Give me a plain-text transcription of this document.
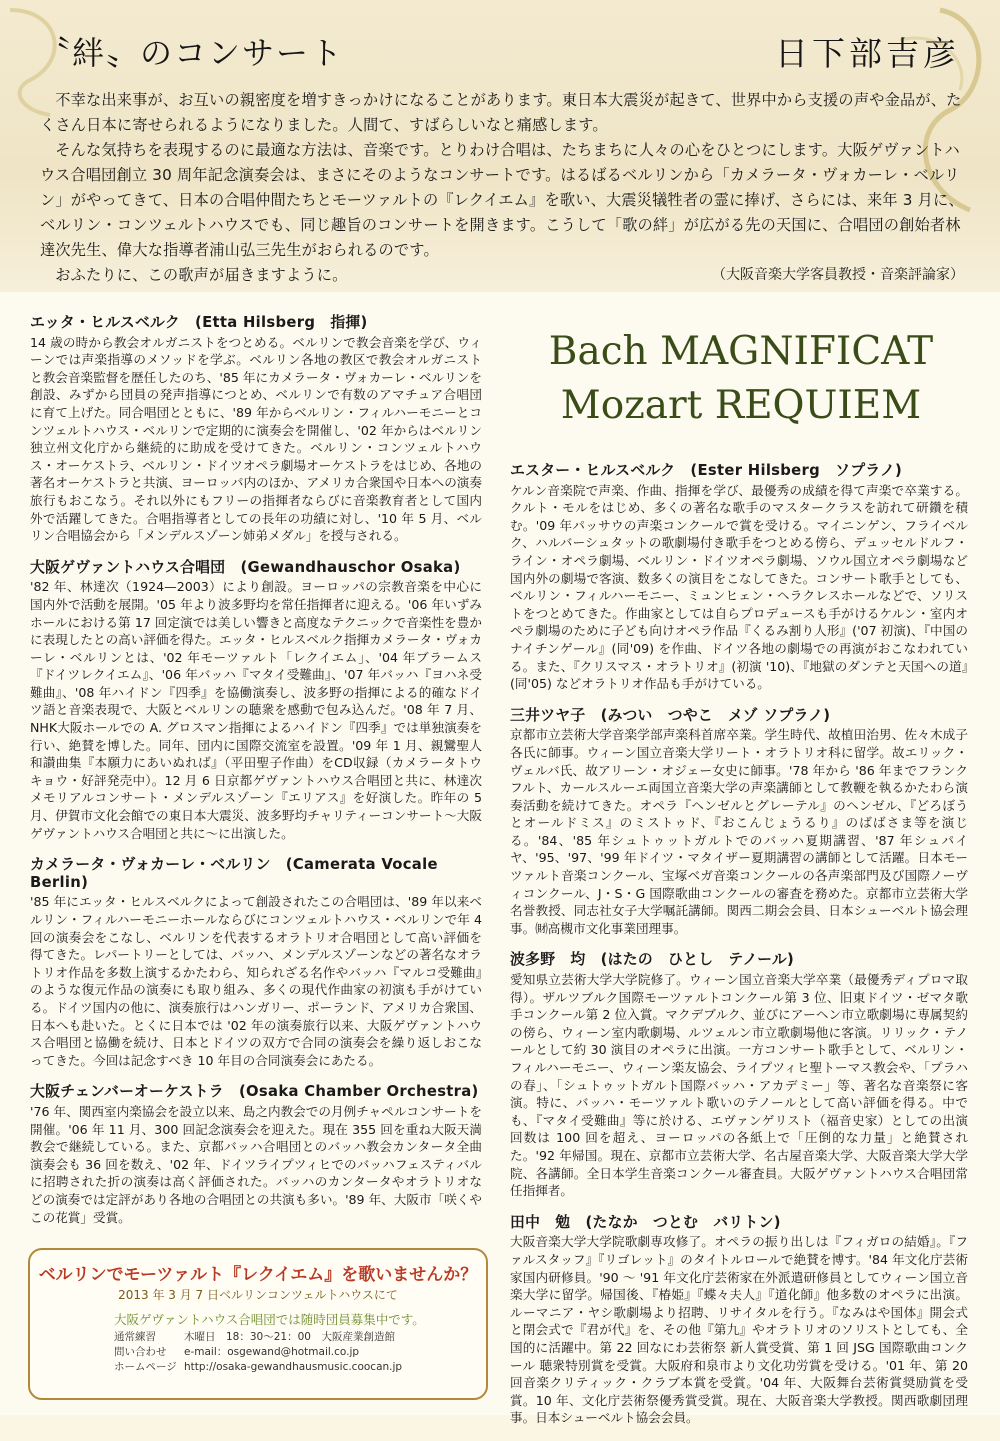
〝絆〟のコンサート	日下部吉彦

不幸な出来事が、お互いの親密度を増すきっかけになることがあります。東日本大震災が起きて、世界中から支援の声や金品が、たくさん日本に寄せられるようになりました。人間て、すばらしいなと痛感します。

そんな気持ちを表現するのに最適な方法は、音楽です。とりわけ合唱は、たちまちに人々の心をひとつにします。大阪ゲヴァントハウス合唱団創立 30 周年記念演奏会は、まさにそのようなコンサートです。はるばるベルリンから「カメラータ・ヴォカーレ・ベルリン」がやってきて、日本の合唱仲間たちとモーツァルトの『レクイエム』を歌い、大震災犠牲者の霊に捧げ、さらには、来年 3 月に、ベルリン・コンツェルトハウスでも、同じ趣旨のコンサートを開きます。こうして「歌の絆」が広がる先の天国に、合唱団の創始者林達次先生、偉大な指導者浦山弘三先生がおられるのです。

おふたりに、この歌声が届きますように。	（大阪音楽大学客員教授・音楽評論家）
エッタ・ヒルスベルク　(Etta Hilsberg　指揮)

14 歳の時から教会オルガニストをつとめる。ベルリンで教会音楽を学び、ウィーンでは声楽指導のメソッドを学ぶ。ベルリン各地の教区で教会オルガニストと教会音楽監督を歴任したのち、'85 年にカメラータ・ヴォカーレ・ベルリンを創設、みずから団員の発声指導につとめ、ベルリンで有数のアマチュア合唱団に育て上げた。同合唱団とともに、'89 年からベルリン・フィルハーモニーとコンツェルトハウス・ベルリンで定期的に演奏会を開催し、'02 年からはベルリン独立州文化庁から継続的に助成を受けてきた。ベルリン・コンツェルトハウス・オーケストラ、ベルリン・ドイツオペラ劇場オーケストラをはじめ、各地の著名オーケストラと共演、ヨーロッパ内のほか、アメリカ合衆国や日本への演奏旅行もおこなう。それ以外にもフリーの指揮者ならびに音楽教育者として国内外で活躍してきた。合唱指導者としての長年の功績に対し、'10 年 5 月、ベルリン合唱協会から「メンデルスゾーン姉弟メダル」を授与される。

大阪ゲヴァントハウス合唱団　(Gewandhauschor Osaka)

'82 年、林達次（1924—2003）により創設。ヨーロッパの宗教音楽を中心に国内外で活動を展開。'05 年より波多野均を常任指揮者に迎える。'06 年いずみホールにおける第 17 回定演では美しい響きと高度なテクニックで音楽性を豊かに表現したとの高い評価を得た。エッタ・ヒルスベルク指揮カメラータ・ヴォカーレ・ベルリンとは、'02 年モーツァルト「レクイエム」、'04 年ブラームス『ドイツレクイエム』、'06 年バッハ『マタイ受難曲』、'07 年バッハ『ヨハネ受難曲』、'08 年ハイドン『四季』を協働演奏し、波多野の指揮による的確なドイツ語と音楽表現で、大阪とベルリンの聴衆を感動で包み込んだ。'08 年 7 月、NHK大阪ホールでの A. グロスマン指揮によるハイドン『四季』では単独演奏を行い、絶賛を博した。同年、団内に国際交流室を設置。'09 年 1 月、親鸞聖人和讃曲集『本願力にあいぬれば』（平田聖子作曲）をCD収録（カメラータトウキョウ・好評発売中）。12 月 6 日京都ゲヴァントハウス合唱団と共に、林達次メモリアルコンサート・メンデルスゾーン『エリアス』を好演した。昨年の 5 月、伊賀市文化会館での東日本大震災、波多野均チャリティーコンサート～大阪ゲヴァントハウス合唱団と共に～に出演した。

カメラータ・ヴォカーレ・ベルリン　(Camerata Vocale Berlin)

'85 年にエッタ・ヒルスベルクによって創設されたこの合唱団は、'89 年以来ベルリン・フィルハーモニーホールならびにコンツェルトハウス・ベルリンで年 4 回の演奏会をこなし、ベルリンを代表するオラトリオ合唱団として高い評価を得てきた。レパートリーとしては、バッハ、メンデルスゾーンなどの著名なオラトリオ作品を多数上演するかたわら、知られざる名作やバッハ『マルコ受難曲』のような復元作品の演奏にも取り組み、多くの現代作曲家の初演も手がけている。ドイツ国内の他に、演奏旅行はハンガリー、ポーランド、アメリカ合衆国、日本へも赴いた。とくに日本では '02 年の演奏旅行以来、大阪ゲヴァントハウス合唱団と協働を続け、日本とドイツの双方で合同の演奏会を繰り返しおこなってきた。今回は記念すべき 10 年目の合同演奏会にあたる。

大阪チェンバーオーケストラ　(Osaka Chamber Orchestra)

'76 年、関西室内楽協会を設立以来、島之内教会での月例チャペルコンサートを開催。'06 年 11 月、300 回記念演奏会を迎えた。現在 355 回を重ね大阪天満教会で継続している。また、京都バッハ合唱団とのバッハ教会カンタータ全曲演奏会も 36 回を数え、'02 年、ドイツライプツィヒでのバッハフェスティバルに招聘された折の演奏は高く評価された。バッハのカンタータやオラトリオなどの演奏では定評があり各地の合唱団との共演も多い。'89 年、大阪市「咲くやこの花賞」受賞。

Bach MAGNIFICAT
Mozart REQUIEM
エスター・ヒルスベルク　(Ester Hilsberg　ソプラノ)

ケルン音楽院で声楽、作曲、指揮を学び、最優秀の成績を得て声楽で卒業する。クルト・モルをはじめ、多くの著名な歌手のマスタークラスを訪れて研鑽を積む。'09 年パッサウの声楽コンクールで賞を受ける。マイニンゲン、フライベルク、ハルバーシュタットの歌劇場付き歌手をつとめる傍ら、デュッセルドルフ・ライン・オペラ劇場、ベルリン・ドイツオペラ劇場、ソウル国立オペラ劇場など国内外の劇場で客演、数多くの演目をこなしてきた。コンサート歌手としても、ベルリン・フィルハーモニー、ミュンヒェン・ヘラクレスホールなどで、ソリストをつとめてきた。作曲家としては自らプロデュースも手がけるケルン・室内オペラ劇場のために子ども向けオペラ作品『くるみ割り人形』('07 初演)、『中国のナイチンゲール』(同'09) を作曲、ドイツ各地の劇場での再演がおこなわれている。また、『クリスマス・オラトリオ』(初演 '10)、『地獄のダンテと天国への道』(同'05) などオラトリオ作品も手がけている。

三井ツヤ子　(みつい　つやこ　メゾ ソプラノ)

京都市立芸術大学音楽学部声楽科首席卒業。学生時代、故植田治男、佐々木成子各氏に師事。ウィーン国立音楽大学リート・オラトリオ科に留学。故エリック・ヴェルバ氏、故アリーン・オジェー女史に師事。'78 年から '86 年までフランクフルト、カールスルーエ両国立音楽大学の声楽講師として教鞭を執るかたわら演奏活動を続けてきた。オペラ『ヘンゼルとグレーテル』のヘンゼル、『どろぼうとオールドミス』のミストゥド、『おこんじょうるり』のばばさま等を演じる。'84、'85 年シュトゥットガルトでのバッハ夏期講習、'87 年シュパイヤ、'95、'97、'99 年ドイツ・マタイザー夏期講習の講師として活躍。日本モーツァルト音楽コンクール、宝塚ベガ音楽コンクールの各声楽部門及び国際ノーヴィコンクール、J・S・G 国際歌曲コンクールの審査を務めた。京都市立芸術大学名誉教授、同志社女子大学嘱託講師。関西二期会会員、日本シューベルト協会理事。㈶高槻市文化事業団理事。

波多野　均　(はたの　ひとし　テノール)

愛知県立芸術大学大学院修了。ウィーン国立音楽大学卒業（最優秀ディプロマ取得）。ザルツブルク国際モーツァルトコンクール第 3 位、旧東ドイツ・ゼマタ歌手コンクール第 2 位入賞。マクデブルク、並びにアーヘン市立歌劇場に専属契約の傍ら、ウィーン室内歌劇場、ルツェルン市立歌劇場他に客演。リリック・テノールとして約 30 演目のオペラに出演。一方コンサート歌手として、ベルリン・フィルハーモニー、ウィーン楽友協会、ライプツィヒ聖トーマス教会や、「プラハの春」、「シュトゥットガルト国際バッハ・アカデミー」等、著名な音楽祭に客演。特に、バッハ・モーツァルト歌いのテノールとして高い評価を得る。中でも、『マタイ受難曲』等に於ける、エヴァンゲリスト（福音史家）としての出演回数は 100 回を超え、ヨーロッパの各紙上で「圧倒的な力量」と絶賛された。'92 年帰国。現在、京都市立芸術大学、名古屋音楽大学、大阪音楽大学大学院、各講師。全日本学生音楽コンクール審査員。大阪ゲヴァントハウス合唱団常任指揮者。

田中　勉　(たなか　つとむ　バリトン)

大阪音楽大学大学院歌劇専攻修了。オペラの振り出しは『フィガロの結婚』。『ファルスタッフ』『リゴレット』のタイトルロールで絶賛を博す。'84 年文化庁芸術家国内研修員。'90 ～ '91 年文化庁芸術家在外派遣研修員としてウィーン国立音楽大学に留学。帰国後、『椿姫』『蝶々夫人』『道化師』他多数のオペラに出演。ルーマニア・ヤシ歌劇場より招聘、リサイタルを行う。『なみはや国体』開会式と閉会式で『君が代』を、その他『第九』やオラトリオのソリストとしても、全国的に活躍中。第 22 回なにわ芸術祭 新人賞受賞、第 1 回 JSG 国際歌曲コンクール 聴衆特別賞を受賞。大阪府和泉市より文化功労賞を受ける。'01 年、第 20 回音楽クリティック・クラブ本賞を受賞。'04 年、大阪舞台芸術賞奨励賞を受賞。10 年、文化庁芸術祭優秀賞受賞。現在、大阪音楽大学教授。関西歌劇団理事。日本シューベルト協会会員。

ベルリンでモーツァルト『レクイエム』を歌いませんか？
2013 年 3 月 7 日ベルリンコンツェルトハウスにて
大阪ゲヴァントハウス合唱団では随時団員募集中です。
通常練習	木曜日　18：30～21：00　大阪産業創造館
問い合わせ e-mail：osgewand@hotmail.co.jp
ホームページ http://osaka-gewandhausmusic.coocan.jp
